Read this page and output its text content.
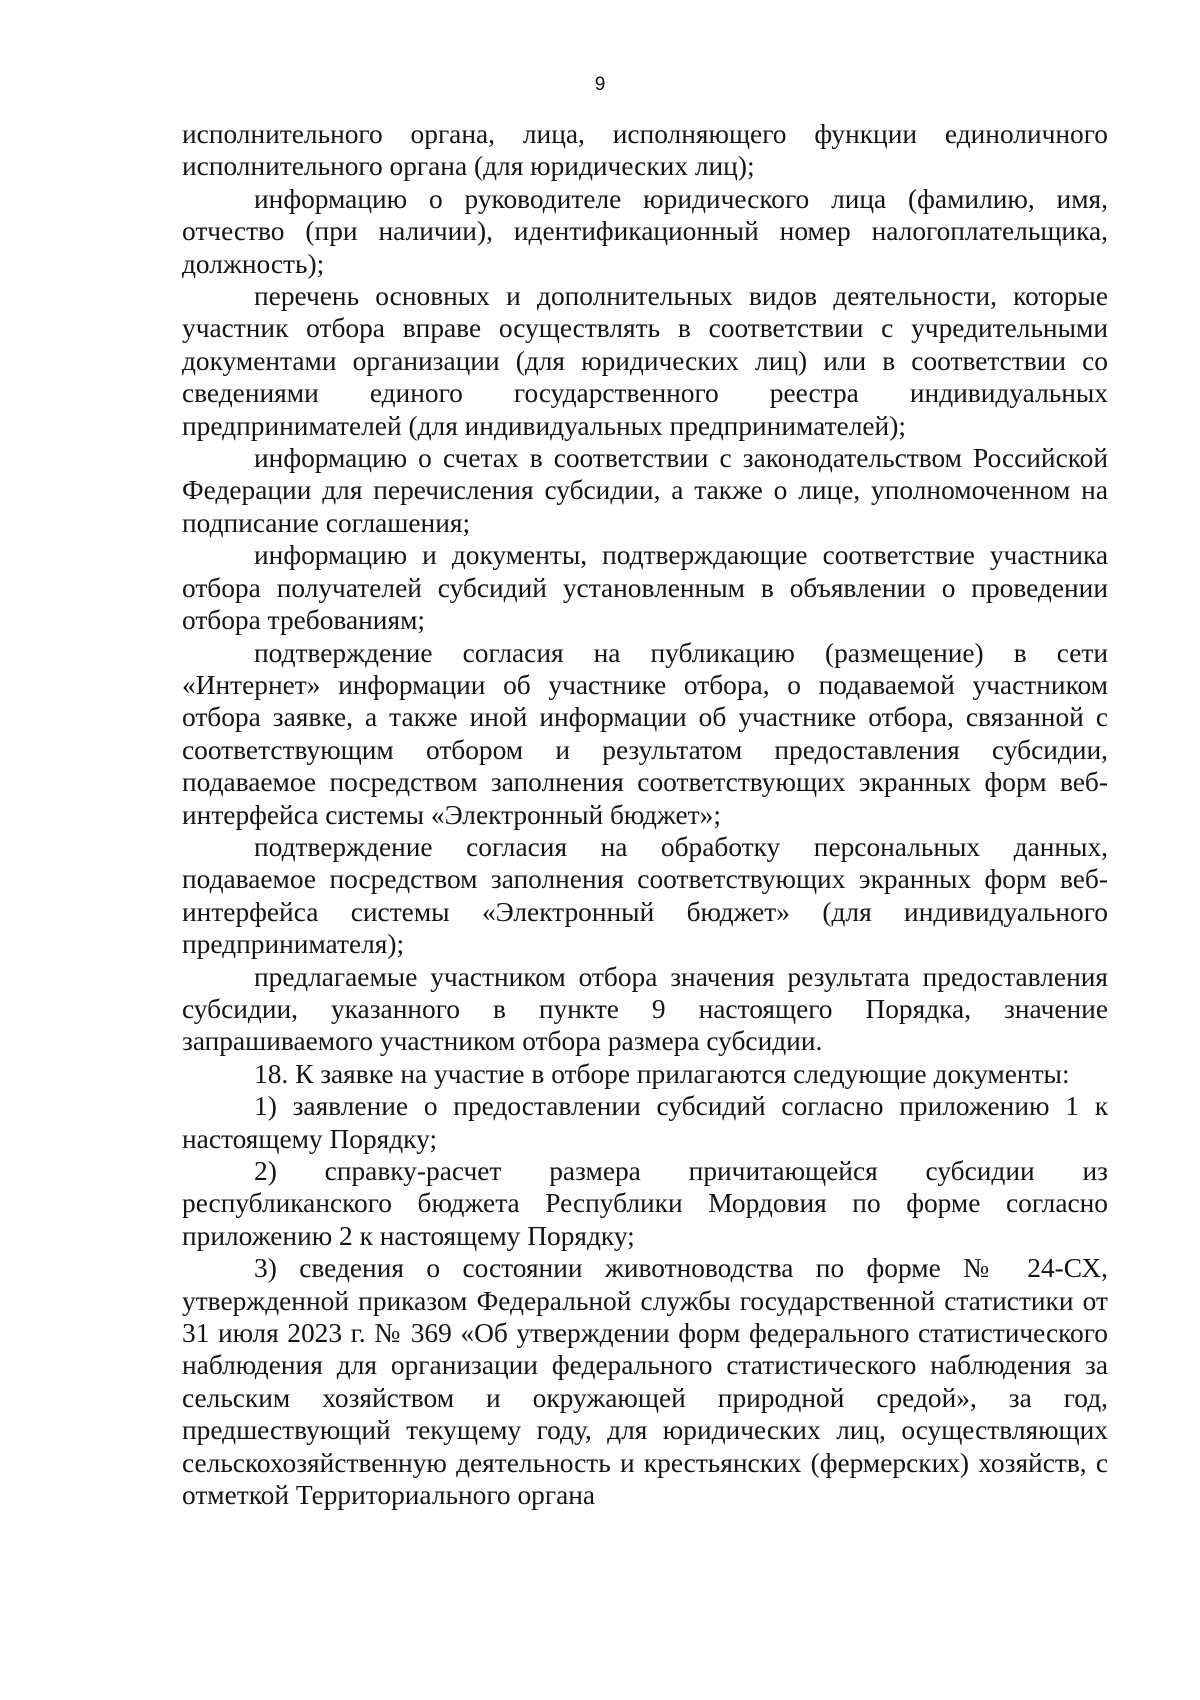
9

исполнительного органа, лица, исполняющего функции единоличного исполнительного органа (для юридических лиц);

информацию о руководителе юридического лица (фамилию, имя, отчество (при наличии), идентификационный номер налогоплательщика, должность);

перечень основных и дополнительных видов деятельности, которые участник отбора вправе осуществлять в соответствии с учредительными документами организации (для юридических лиц) или в соответствии со сведениями единого государственного реестра индивидуальных предпринимателей (для индивидуальных предпринимателей);

информацию о счетах в соответствии с законодательством Российской Федерации для перечисления субсидии, а также о лице, уполномоченном на подписание соглашения;

информацию и документы, подтверждающие соответствие участника отбора получателей субсидий установленным в объявлении о проведении отбора требованиям;

подтверждение согласия на публикацию (размещение) в сети «Интернет» информации об участнике отбора, о подаваемой участником отбора заявке, а также иной информации об участнике отбора, связанной с соответствующим отбором и результатом предоставления субсидии, подаваемое посредством заполнения соответствующих экранных форм веб-интерфейса системы «Электронный бюджет»;

подтверждение согласия на обработку персональных данных, подаваемое посредством заполнения соответствующих экранных форм веб-интерфейса системы «Электронный бюджет» (для индивидуального предпринимателя);

предлагаемые участником отбора значения результата предоставления субсидии, указанного в пункте 9 настоящего Порядка, значение запрашиваемого участником отбора размера субсидии.

18. К заявке на участие в отборе прилагаются следующие документы:

1) заявление о предоставлении субсидий согласно приложению 1 к настоящему Порядку;

2) справку-расчет размера причитающейся субсидии из республиканского бюджета Республики Мордовия по форме согласно приложению 2 к настоящему Порядку;

3) сведения о состоянии животноводства по форме № 24-СХ, утвержденной приказом Федеральной службы государственной статистики от 31 июля 2023 г. № 369 «Об утверждении форм федерального статистического наблюдения для организации федерального статистического наблюдения за сельским хозяйством и окружающей природной средой», за год, предшествующий текущему году, для юридических лиц, осуществляющих сельскохозяйственную деятельность и крестьянских (фермерских) хозяйств, с отметкой Территориального органа
